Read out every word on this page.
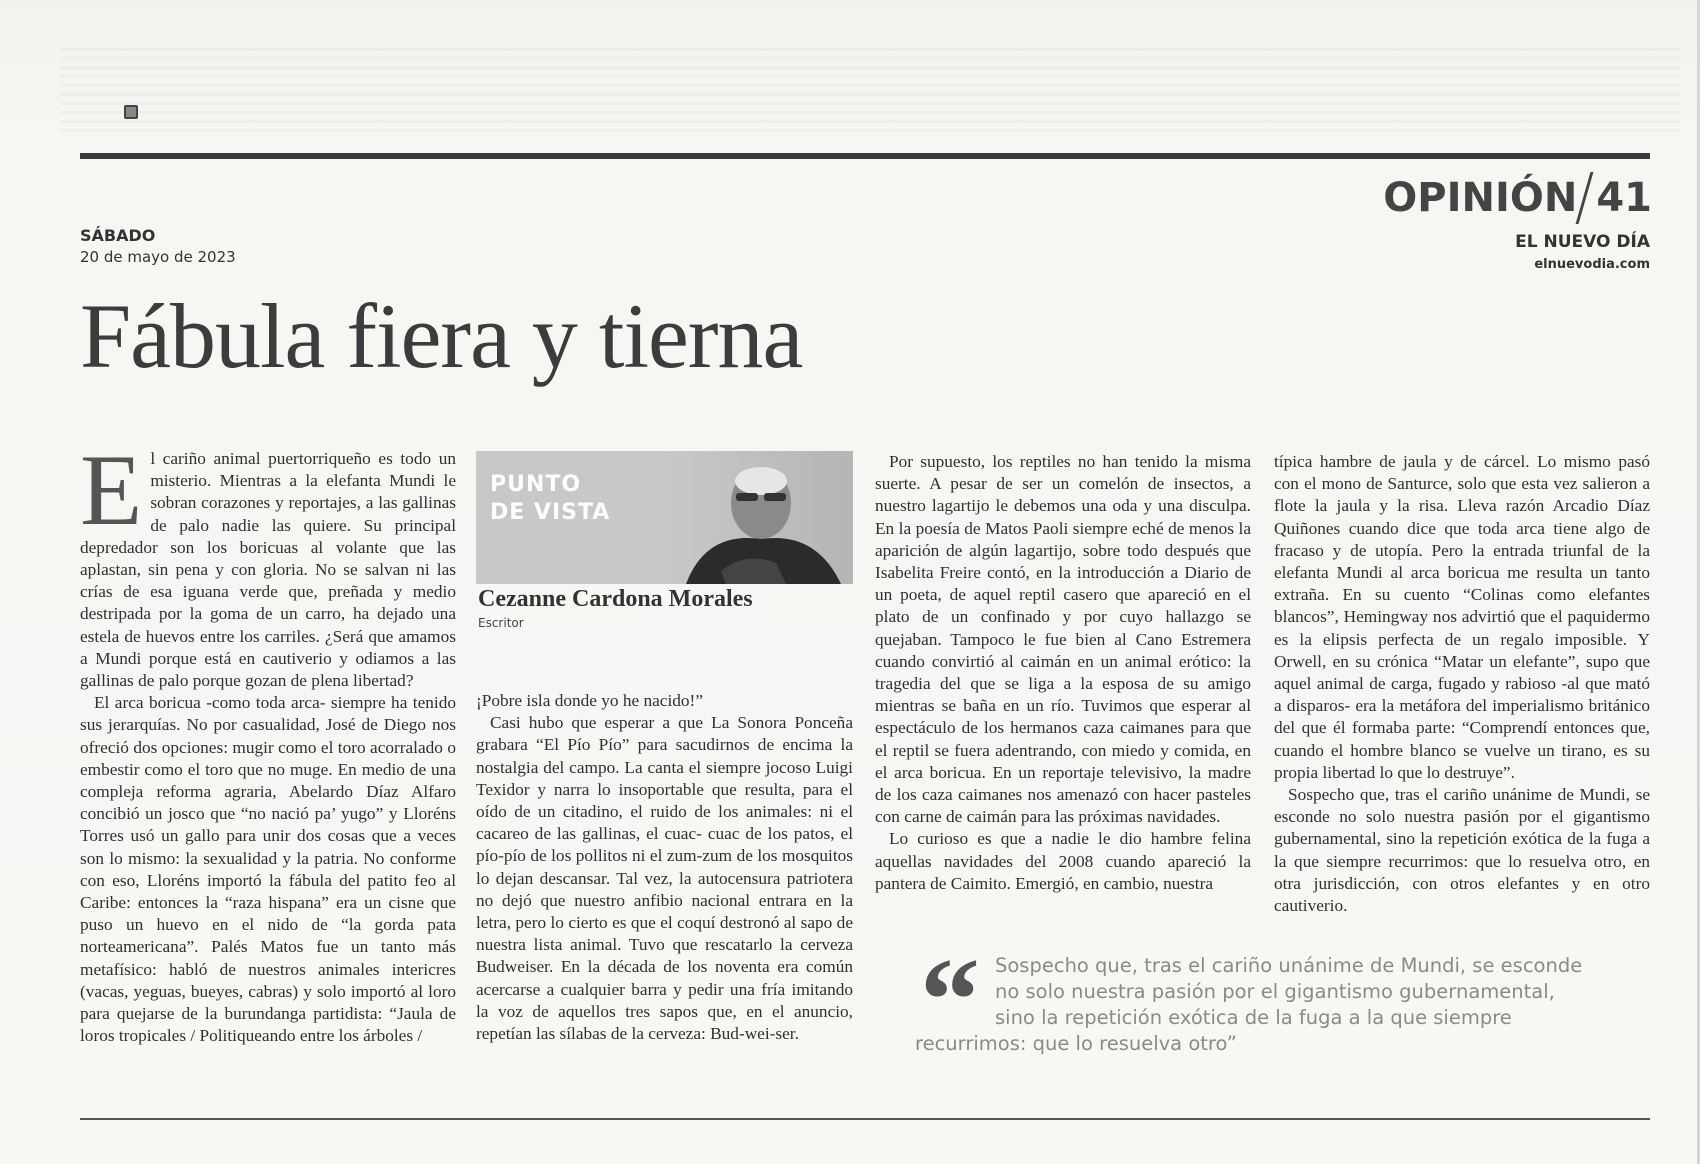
OPINIÓN 41
EL NUEVO DÍA
elnuevodia.com
SÁBADO
20 de mayo de 2023
Fábula fiera y tierna
E l cariño animal puertorriqueño es todo un misterio. Mientras a la elefanta Mundi le sobran corazones y reportajes, a las gallinas de palo nadie las quiere. Su principal depredador son los boricuas al volante que las aplastan, sin pena y con gloria. No se salvan ni las crías de esa iguana verde que, preñada y medio destripada por la goma de un carro, ha dejado una estela de huevos entre los carriles. ¿Será que amamos a Mundi porque está en cautiverio y odiamos a las gallinas de palo porque gozan de plena libertad?

El arca boricua -como toda arca- siempre ha tenido sus jerarquías. No por casualidad, José de Diego nos ofreció dos opciones: mugir como el toro acorralado o embestir como el toro que no muge. En medio de una compleja reforma agraria, Abelardo Díaz Alfaro concibió un josco que “no nació pa’ yugo” y Lloréns Torres usó un gallo para unir dos cosas que a veces son lo mismo: la sexualidad y la patria. No conforme con eso, Lloréns importó la fábula del patito feo al Caribe: entonces la “raza hispana” era un cisne que puso un huevo en el nido de “la gorda pata norteamericana”. Palés Matos fue un tanto más metafísico: habló de nuestros animales intericres (vacas, yeguas, bueyes, cabras) y solo importó al loro para quejarse de la burundanga partidista: “Jaula de loros tropicales / Politiqueando entre los árboles /

PUNTO
DE VISTA
Cezanne Cardona Morales
Escritor

¡Pobre isla donde yo he nacido!”

Casi hubo que esperar a que La Sonora Ponceña grabara “El Pío Pío” para sacudirnos de encima la nostalgia del campo. La canta el siempre jocoso Luigi Texidor y narra lo insoportable que resulta, para el oído de un citadino, el ruido de los animales: ni el cacareo de las gallinas, el cuac- cuac de los patos, el pío-pío de los pollitos ni el zum-zum de los mosquitos lo dejan descansar. Tal vez, la autocensura patriotera no dejó que nuestro anfibio nacional entrara en la letra, pero lo cierto es que el coquí destronó al sapo de nuestra lista animal. Tuvo que rescatarlo la cerveza Budweiser. En la década de los noventa era común acercarse a cualquier barra y pedir una fría imitando la voz de aquellos tres sapos que, en el anuncio, repetían las sílabas de la cerveza: Bud-wei-ser.

Por supuesto, los reptiles no han tenido la misma suerte. A pesar de ser un comelón de insectos, a nuestro lagartijo le debemos una oda y una disculpa. En la poesía de Matos Paoli siempre eché de menos la aparición de algún lagartijo, sobre todo después que Isabelita Freire contó, en la introducción a Diario de un poeta, de aquel reptil casero que apareció en el plato de un confinado y por cuyo hallazgo se quejaban. Tampoco le fue bien al Cano Estremera cuando convirtió al caimán en un animal erótico: la tragedia del que se liga a la esposa de su amigo mientras se baña en un río. Tuvimos que esperar al espectáculo de los hermanos caza caimanes para que el reptil se fuera adentrando, con miedo y comida, en el arca boricua. En un reportaje televisivo, la madre de los caza caimanes nos amenazó con hacer pasteles con carne de caimán para las próximas navidades.

Lo curioso es que a nadie le dio hambre felina aquellas navidades del 2008 cuando apareció la pantera de Caimito. Emergió, en cambio, nuestra

típica hambre de jaula y de cárcel. Lo mismo pasó con el mono de Santurce, solo que esta vez salieron a flote la jaula y la risa. Lleva razón Arcadio Díaz Quiñones cuando dice que toda arca tiene algo de fracaso y de utopía. Pero la entrada triunfal de la elefanta Mundi al arca boricua me resulta un tanto extraña. En su cuento “Colinas como elefantes blancos”, Hemingway nos advirtió que el paquidermo es la elipsis perfecta de un regalo imposible. Y Orwell, en su crónica “Matar un elefante”, supo que aquel animal de carga, fugado y rabioso -al que mató a disparos- era la metáfora del imperialismo británico del que él formaba parte: “Comprendí entonces que, cuando el hombre blanco se vuelve un tirano, es su propia libertad lo que lo destruye”.

Sospecho que, tras el cariño unánime de Mundi, se esconde no solo nuestra pasión por el gigantismo gubernamental, sino la repetición exótica de la fuga a la que siempre recurrimos: que lo resuelva otro, en otra jurisdicción, con otros elefantes y en otro cautiverio.

“ Sospecho que, tras el cariño unánime de Mundi, se esconde
no solo nuestra pasión por el gigantismo gubernamental,
sino la repetición exótica de la fuga a la que siempre
recurrimos: que lo resuelva otro”
